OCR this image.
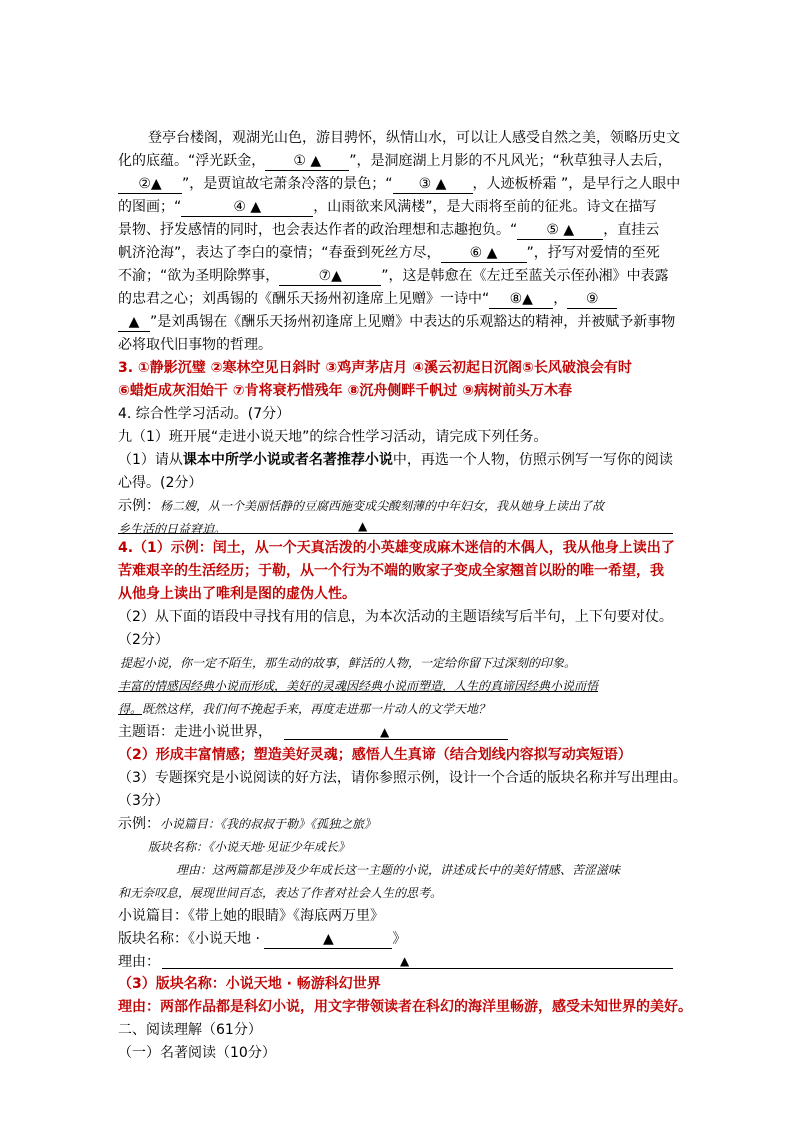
登亭台楼阁，观湖光山色，游目骋怀，纵情山水，可以让人感受自然之美，领略历史文
化的底蕴。“浮光跃金， ① ▲ ”，是洞庭湖上月影的不凡风光；“秋草独寻人去后，
②▲ ”，是贾谊故宅萧条冷落的景色；“ ③ ▲ ，人迹板桥霜 ”，是早行之人眼中
的图画；“	④ ▲	，山雨欲来风满楼”，是大雨将至前的征兆。诗文在描写
景物、抒发感情的同时，也会表达作者的政治理想和志趣抱负。“ ⑤ ▲ ，直挂云
帆济沧海”，表达了李白的豪情；“春蚕到死丝方尽， ⑥ ▲ ”，抒写对爱情的至死
不渝；“欲为圣明除弊事，	⑦▲	”，这是韩愈在《左迁至蓝关示侄孙湘》中表露
的忠君之心；刘禹锡的《酬乐天扬州初逢席上见赠》一诗中“ ⑧▲ ， ⑨
▲ ”是刘禹锡在《酬乐天扬州初逢席上见赠》中表达的乐观豁达的精神，并被赋予新事物
必将取代旧事物的哲理。
3. ①静影沉璧 ②寒林空见日斜时 ③鸡声茅店月 ④溪云初起日沉阁⑤长风破浪会有时
⑥蜡炬成灰泪始干 ⑦肯将衰朽惜残年 ⑧沉舟侧畔千帆过 ⑨病树前头万木春
4. 综合性学习活动。(7分）
九（1）班开展“走进小说天地”的综合性学习活动，请完成下列任务。
（1）请从课本中所学小说或者名著推荐小说中，再选一个人物，仿照示例写一写你的阅读
心得。(2分）
示例：杨二嫂，从一个美丽恬静的豆腐西施变成尖酸刻薄的中年妇女，我从她身上读出了故
乡生活的日益窘迫。	▲
4.（1）示例：闰土，从一个天真活泼的小英雄变成麻木迷信的木偶人，我从他身上读出了
苦难艰辛的生活经历；于勒，从一个行为不端的败家子变成全家翘首以盼的唯一希望，我
从他身上读出了唯利是图的虚伪人性。
（2）从下面的语段中寻找有用的信息，为本次活动的主题语续写后半句，上下句要对仗。
（2分）
提起小说，你一定不陌生，那生动的故事，鲜活的人物，一定给你留下过深刻的印象。
丰富的情感因经典小说而形成，美好的灵魂因经典小说而塑造，人生的真谛因经典小说而悟
得。既然这样，我们何不挽起手来，再度走进那一片动人的文学天地？
主题语：走进小说世界，	▲
（2）形成丰富情感；塑造美好灵魂；感悟人生真谛（结合划线内容拟写动宾短语）
（3）专题探究是小说阅读的好方法，请你参照示例，设计一个合适的版块名称并写出理由。
（3分）
示例：小说篇目：《我的叔叔于勒》《孤独之旅》
版块名称：《小说天地·见证少年成长》
理由：这两篇都是涉及少年成长这一主题的小说，讲述成长中的美好情感、苦涩滋味
和无奈叹息，展现世间百态，表达了作者对社会人生的思考。
小说篇目：《带上她的眼睛》《海底两万里》
版块名称：《小说天地 ·	▲	》
理由：	▲
（3）版块名称：小说天地 · 畅游科幻世界
理由：两部作品都是科幻小说，用文字带领读者在科幻的海洋里畅游，感受未知世界的美好。
二、阅读理解（61分）
（一）名著阅读（10分）
